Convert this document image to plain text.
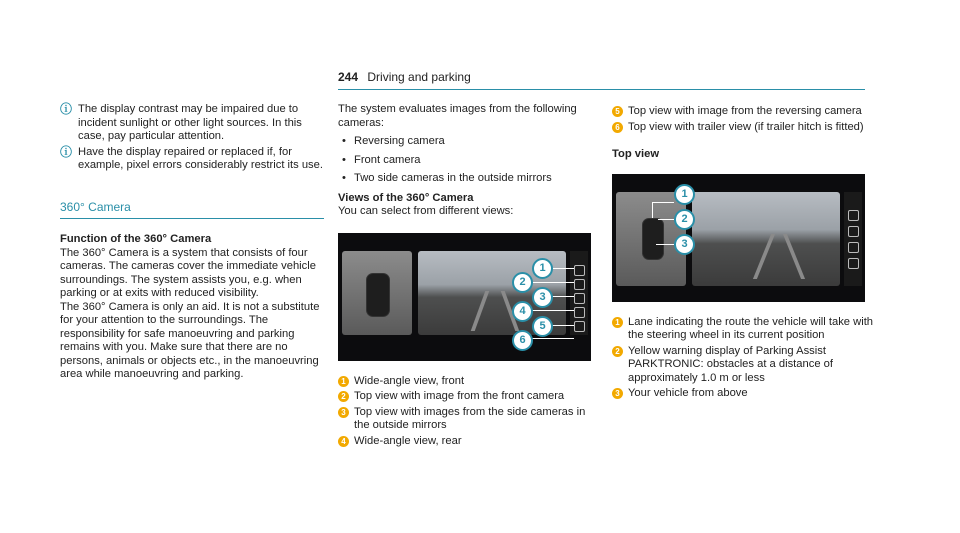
244 Driving and parking
ⓘ The display contrast may be impaired due to incident sunlight or other light sources. In this case, pay particular attention.
ⓘ Have the display repaired or replaced if, for example, pixel errors considerably restrict its use.
360° Camera
Function of the 360° Camera

The 360° Camera is a system that consists of four cameras. The cameras cover the immediate vehicle surroundings. The system assists you, e.g. when parking or at exits with reduced visibility.

The 360° Camera is only an aid. It is not a substitute for your attention to the surroundings. The responsibility for safe manoeuvring and parking remains with you. Make sure that there are no persons, animals or objects etc., in the manoeuvring area while manoeuvring and parking.

The system evaluates images from the following cameras:

• Reversing camera
• Front camera
• Two side cameras in the outside mirrors
Views of the 360° Camera

You can select from different views:

1
2
3
4
5
6
1 Wide-angle view, front
2 Top view with image from the front camera
3 Top view with images from the side cameras in the outside mirrors
4 Wide-angle view, rear
5 Top view with image from the reversing camera
6 Top view with trailer view (if trailer hitch is fitted)
Top view
1
2
3
1 Lane indicating the route the vehicle will take with the steering wheel in its current position
2 Yellow warning display of Parking Assist PARKTRONIC: obstacles at a distance of approximately 1.0 m or less
3 Your vehicle from above
